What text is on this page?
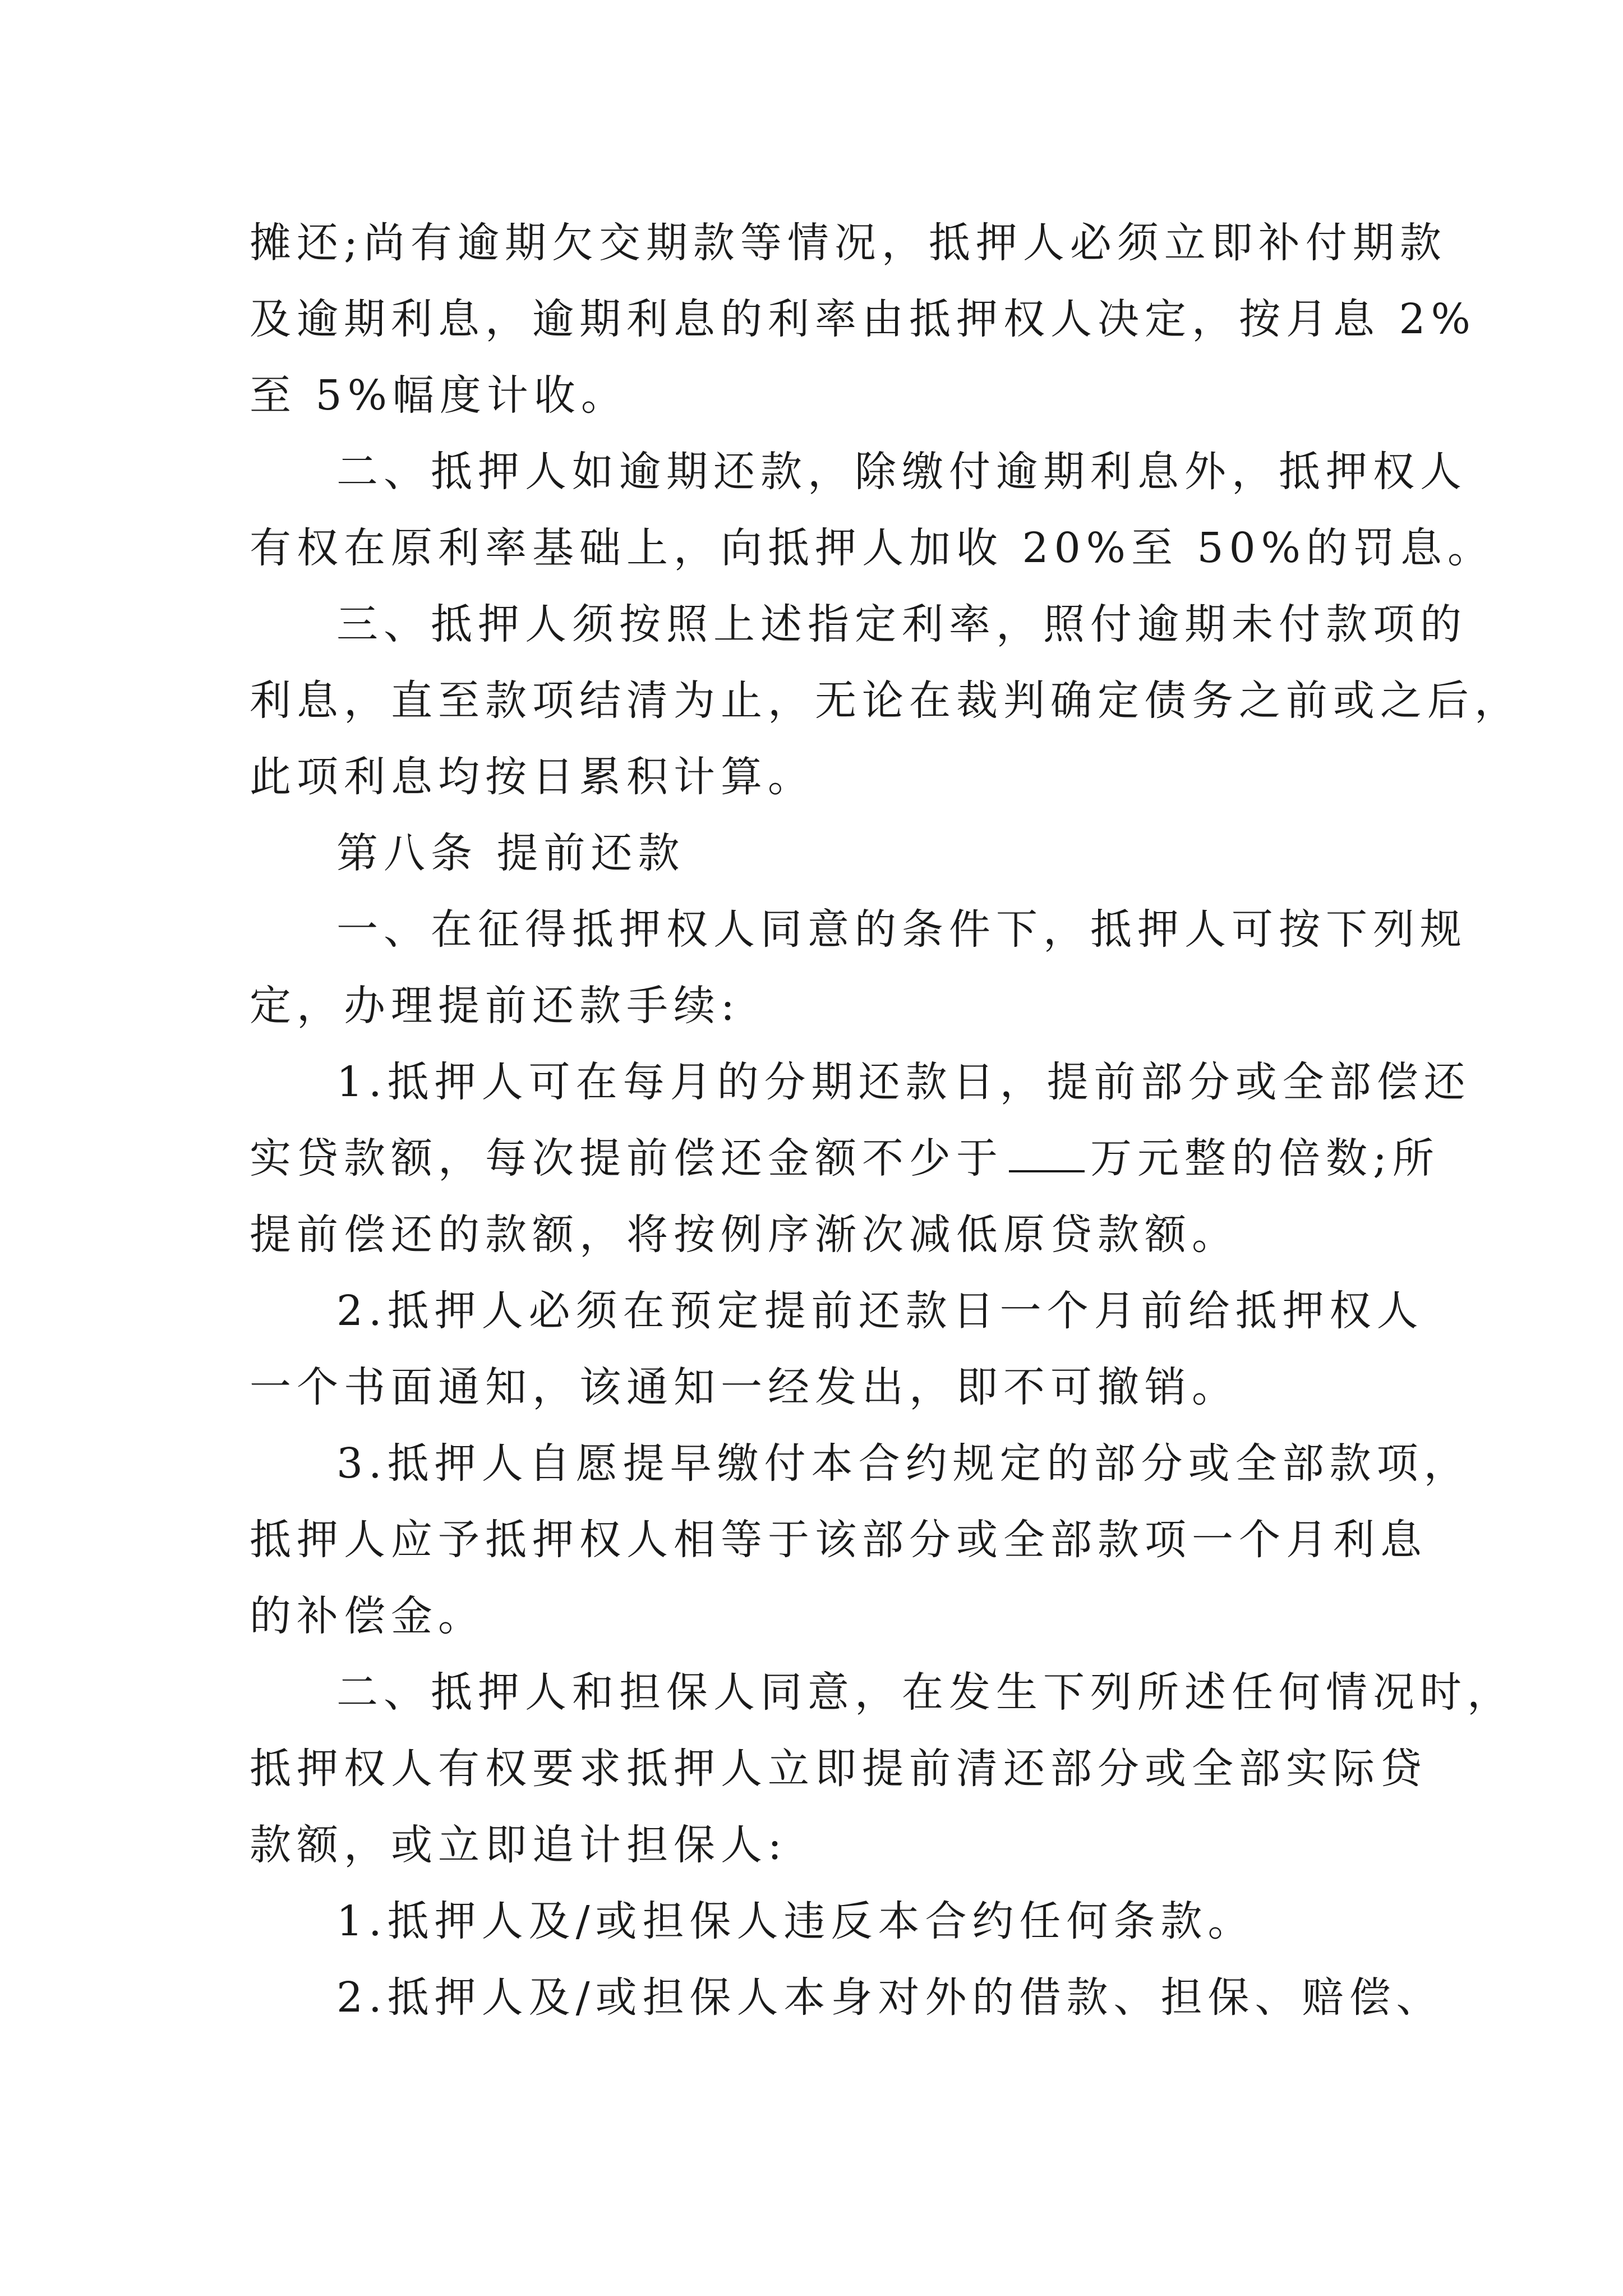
摊还;尚有逾期欠交期款等情况，抵押人必须立即补付期款
及逾期利息，逾期利息的利率由抵押权人决定，按月息 2%
至 5%幅度计收。
二、抵押人如逾期还款，除缴付逾期利息外，抵押权人
有权在原利率基础上，向抵押人加收 20%至 50%的罚息。
三、抵押人须按照上述指定利率，照付逾期未付款项的
利息，直至款项结清为止，无论在裁判确定债务之前或之后，
此项利息均按日累积计算。
第八条 提前还款
一、在征得抵押权人同意的条件下，抵押人可按下列规
定，办理提前还款手续:
1.抵押人可在每月的分期还款日，提前部分或全部偿还
实贷款额，每次提前偿还金额不少于 万元整的倍数;所
提前偿还的款额，将按例序渐次减低原贷款额。
2.抵押人必须在预定提前还款日一个月前给抵押权人
一个书面通知，该通知一经发出，即不可撤销。
3.抵押人自愿提早缴付本合约规定的部分或全部款项，
抵押人应予抵押权人相等于该部分或全部款项一个月利息
的补偿金。
二、抵押人和担保人同意，在发生下列所述任何情况时，
抵押权人有权要求抵押人立即提前清还部分或全部实际贷
款额，或立即追计担保人:
1.抵押人及/或担保人违反本合约任何条款。
2.抵押人及/或担保人本身对外的借款、担保、赔偿、
